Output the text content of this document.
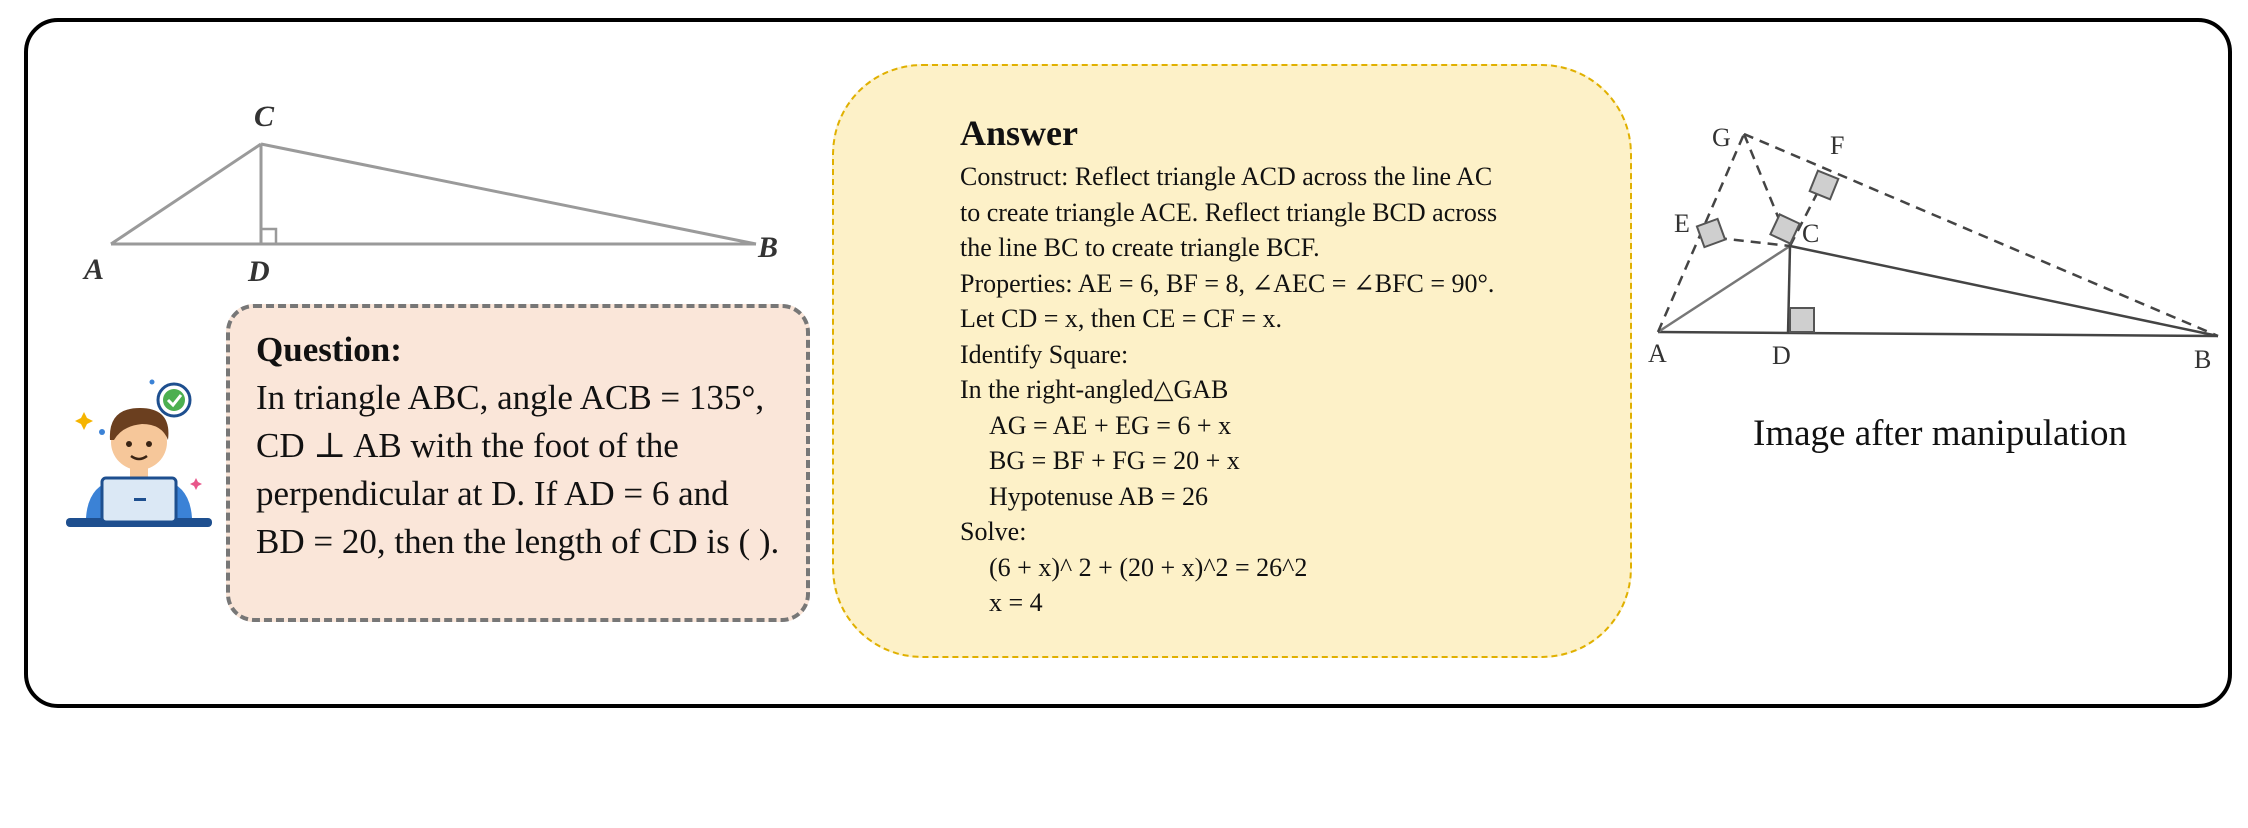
C
A	D
B
Question:
In triangle ABC, angle ACB = 135°, CD ⊥ AB with the foot of the perpendicular at D. If AD = 6 and BD = 20, then the length of CD is ( ).
Answer
Construct: Reflect triangle ACD across the line AC
to create triangle ACE. Reflect triangle BCD across
the line BC to create triangle BCF.
Properties: AE = 6, BF = 8, ∠AEC = ∠BFC = 90°.
Let CD = x, then CE = CF = x.
Identify Square:
In the right-angled△GAB
AG = AE + EG = 6 + x
BG = BF + FG = 20 + x
Hypotenuse AB = 26
Solve:
(6 + x)^ 2 + (20 + x)^2 = 26^2
x = 4
G	F
E	C
A	D	B
Image after manipulation
